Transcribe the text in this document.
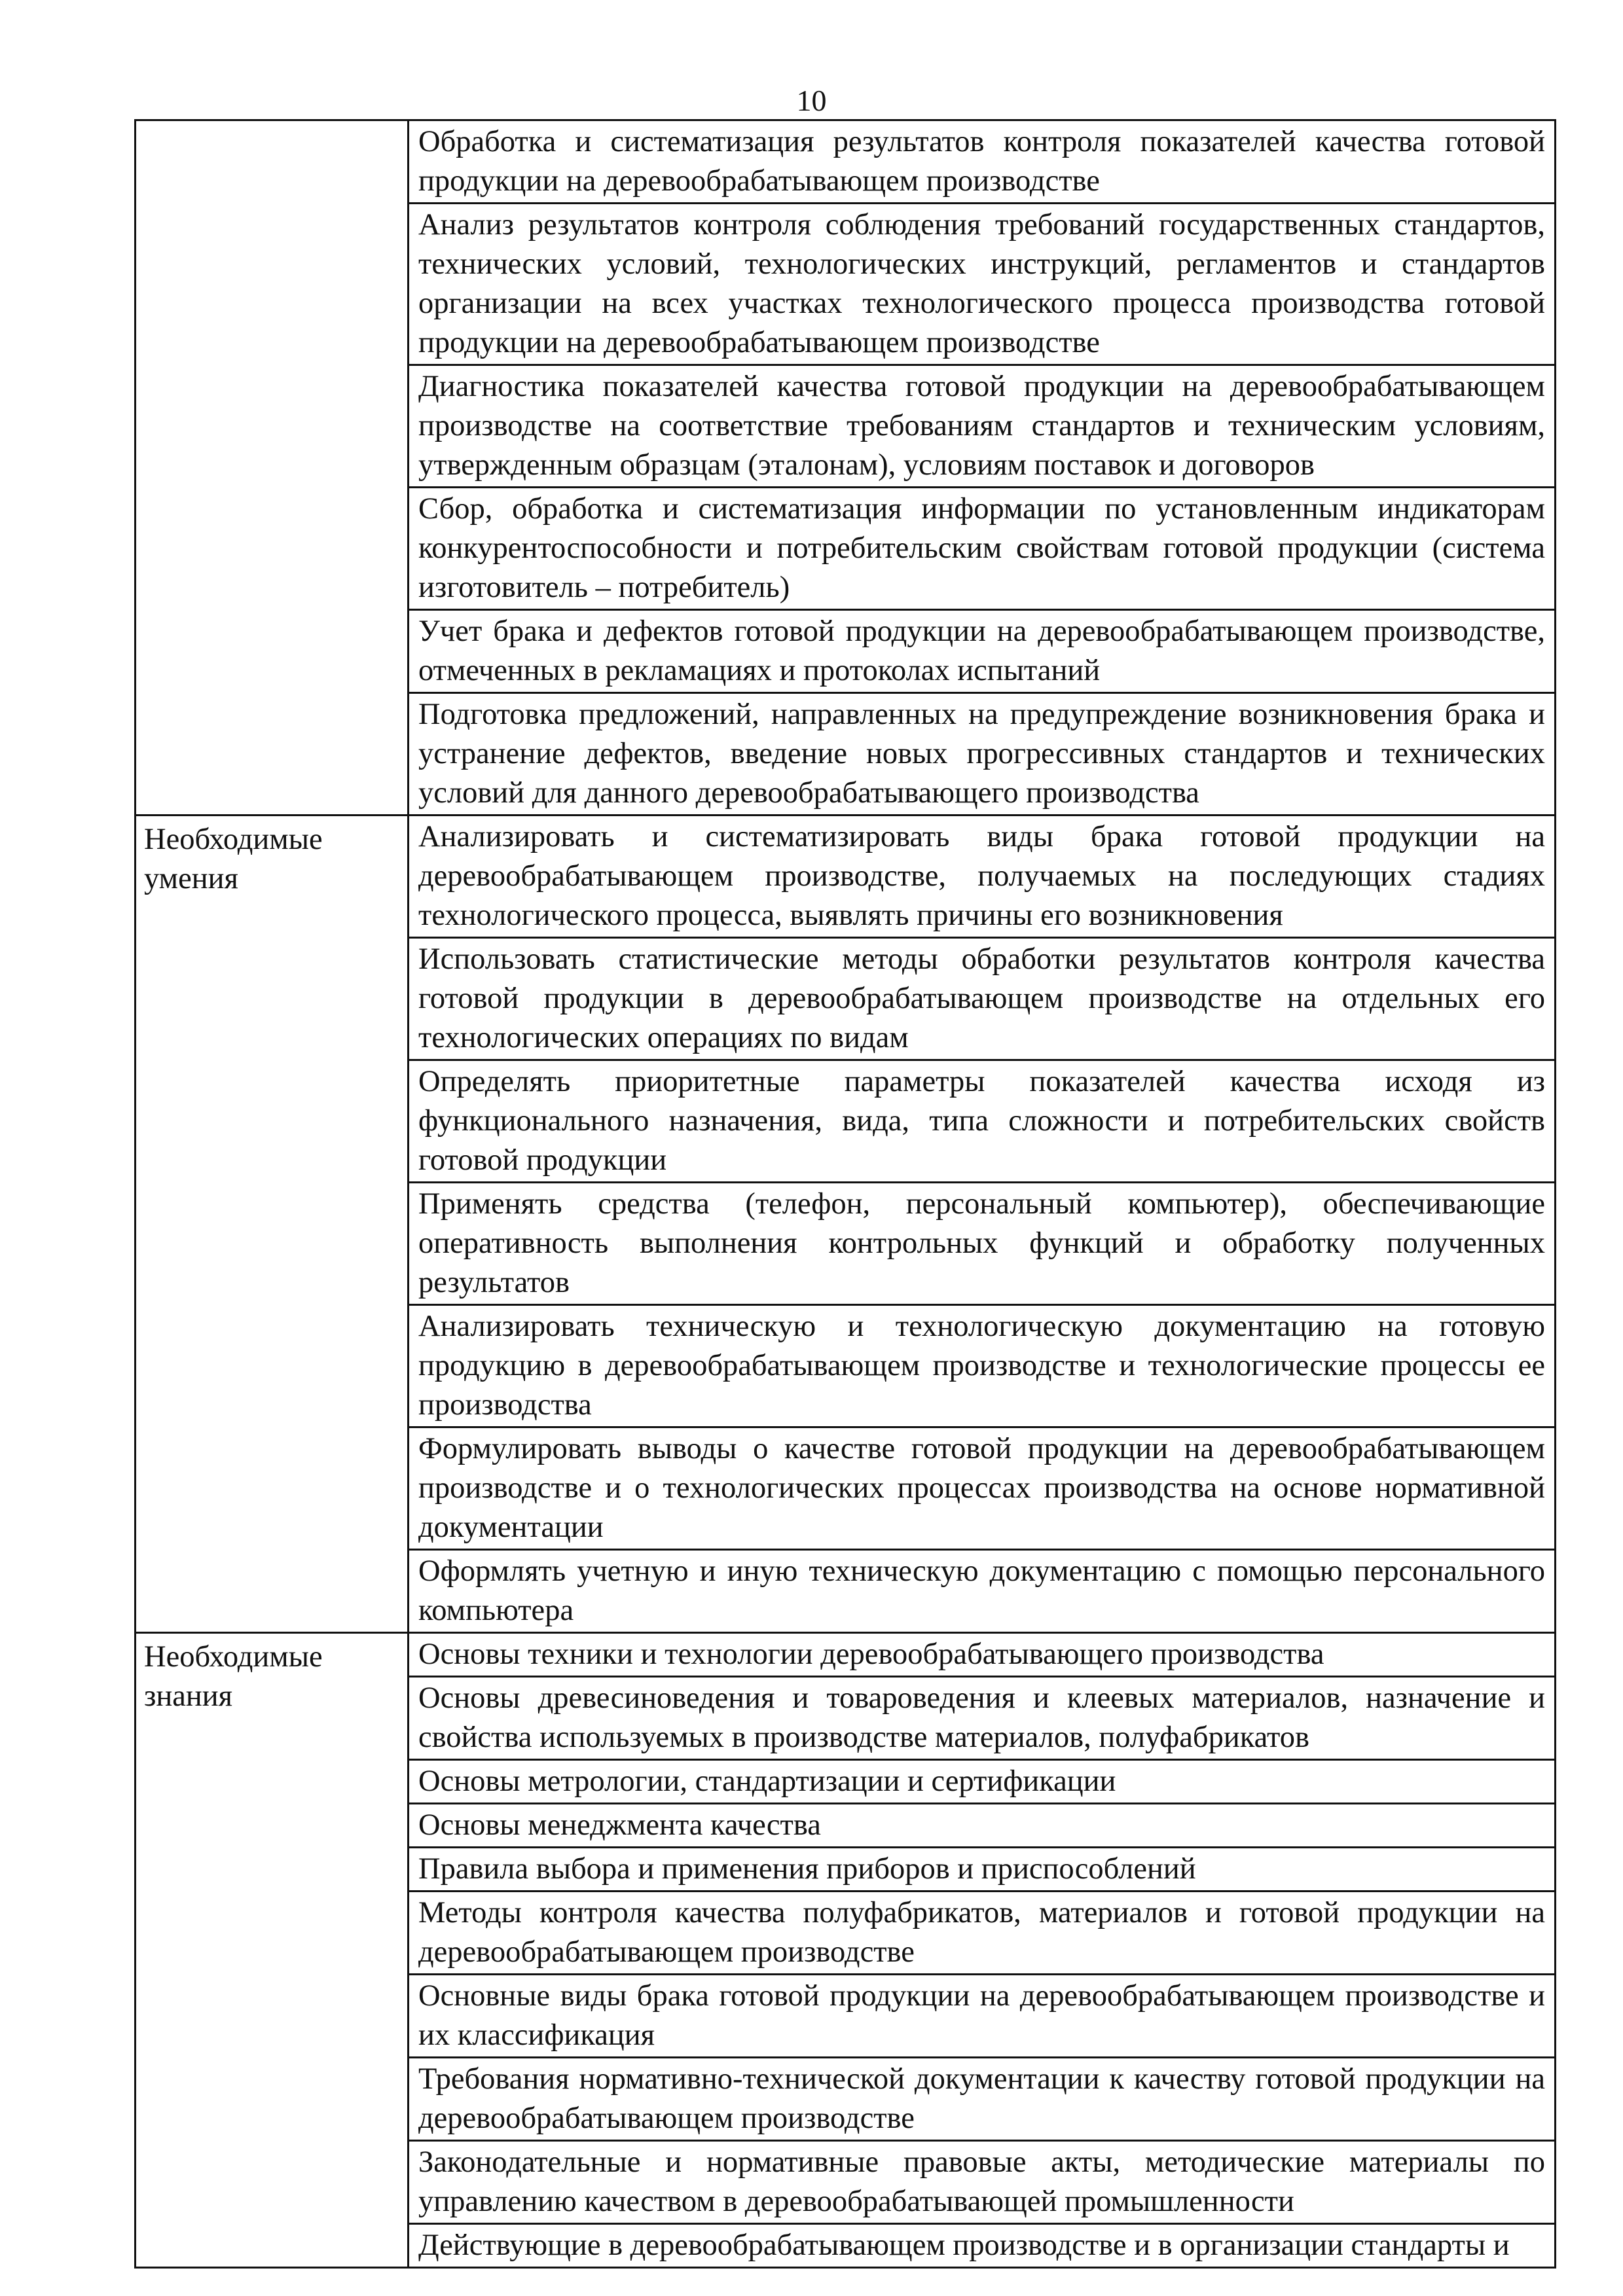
10
	Обработка и систематизация результатов контроля показателей качества готовой продукции на деревообрабатывающем производстве
	Анализ результатов контроля соблюдения требований государственных стандартов, технических условий, технологических инструкций, регламентов и стандартов организации на всех участках технологического процесса производства готовой продукции на деревообрабатывающем производстве
	Диагностика показателей качества готовой продукции на деревообрабатывающем производстве на соответствие требованиям стандартов и техническим условиям, утвержденным образцам (эталонам), условиям поставок и договоров
	Сбор, обработка и систематизация информации по установленным индикаторам конкурентоспособности и потребительским свойствам готовой продукции (система изготовитель – потребитель)
	Учет брака и дефектов готовой продукции на деревообрабатывающем производстве, отмеченных в рекламациях и протоколах испытаний
	Подготовка предложений, направленных на предупреждение возникновения брака и устранение дефектов, введение новых прогрессивных стандартов и технических условий для данного деревообрабатывающего производства

Необходимые умения	Анализировать и систематизировать виды брака готовой продукции на деревообрабатывающем производстве, получаемых на последующих стадиях технологического процесса, выявлять причины его возникновения
	Использовать статистические методы обработки результатов контроля качества готовой продукции в деревообрабатывающем производстве на отдельных его технологических операциях по видам
	Определять приоритетные параметры показателей качества исходя из функционального назначения, вида, типа сложности и потребительских свойств готовой продукции
	Применять средства (телефон, персональный компьютер), обеспечивающие оперативность выполнения контрольных функций и обработку полученных результатов
	Анализировать техническую и технологическую документацию на готовую продукцию в деревообрабатывающем производстве и технологические процессы ее производства
	Формулировать выводы о качестве готовой продукции на деревообрабатывающем производстве и о технологических процессах производства на основе нормативной документации
	Оформлять учетную и иную техническую документацию с помощью персонального компьютера

Необходимые знания	Основы техники и технологии деревообрабатывающего производства
	Основы древесиноведения и товароведения и клеевых материалов, назначение и свойства используемых в производстве материалов, полуфабрикатов
	Основы метрологии, стандартизации и сертификации
	Основы менеджмента качества
	Правила выбора и применения приборов и приспособлений
	Методы контроля качества полуфабрикатов, материалов и готовой продукции на деревообрабатывающем производстве
	Основные виды брака готовой продукции на деревообрабатывающем производстве и их классификация
	Требования нормативно-технической документации к качеству готовой продукции на деревообрабатывающем производстве
	Законодательные и нормативные правовые акты, методические материалы по управлению качеством в деревообрабатывающей промышленности
	Действующие в деревообрабатывающем производстве и в организации стандарты и
